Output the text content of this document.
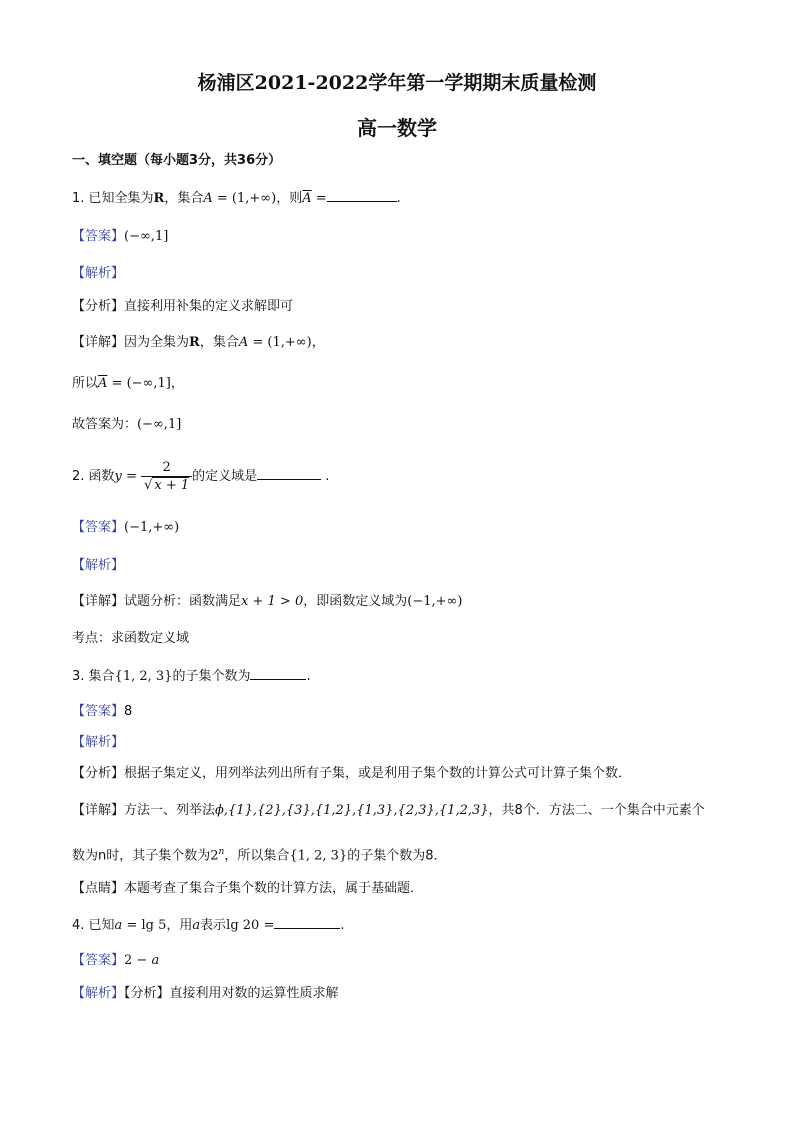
杨浦区2021-2022学年第一学期期末质量检测
高一数学
一、填空题（每小题3分，共36分）
1. 已知全集为R，集合A = (1,+∞)，则$\overline{A}$ =	.
【答案】(−∞,1]
【解析】
【分析】直接利用补集的定义求解即可
【详解】因为全集为R，集合A = (1,+∞)，
所以$\overline{A} = (-\infty,1]$，
故答案为：(−∞,1]
2. 函数$y = \frac{2}{√ x + 1}$ 的定义域是	.
【答案】(−1,+∞)
【解析】
【详解】试题分析：函数满足x + 1 > 0，即函数定义域为(−1,+∞)
考点：求函数定义域
3. 集合{1, 2, 3}的子集个数为	.
【答案】8
【解析】
【分析】根据子集定义，用列举法列出所有子集，或是利用子集个数的计算公式可计算子集个数．
【详解】方法一、列举法ϕ,{1},{2},{3},{1,2},{1,3},{2,3},{1,2,3}，共8个．方法二、一个集合中元素个
数为n时，其子集个数为2$^n$，所以集合{1, 2, 3}的子集个数为8．
【点睛】本题考查了集合子集个数的计算方法，属于基础题．
4. 已知a = lg 5，用a表示lg 20 =	.
【答案】2 − a
【解析】【分析】直接利用对数的运算性质求解
